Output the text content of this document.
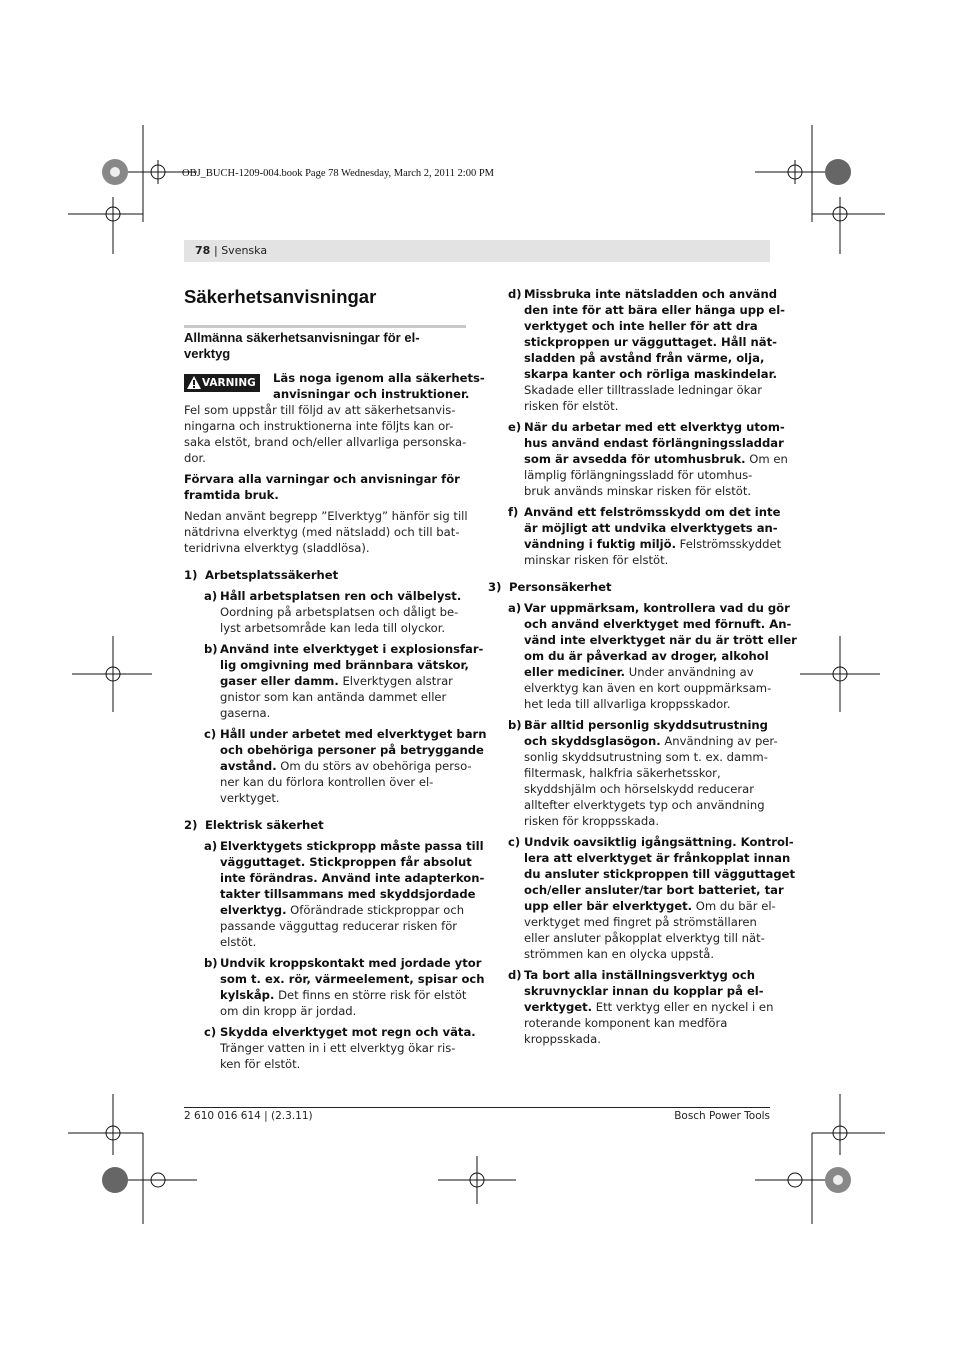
OBJ_BUCH-1209-004.book Page 78 Wednesday, March 2, 2011 2:00 PM
78 | Svenska
Säkerhetsanvisningar
Allmänna säkerhetsanvisningar för el-
verktyg
VARNING Läs noga igenom alla säkerhets-

anvisningar och instruktioner.

Fel som uppstår till följd av att säkerhetsanvis-

ningarna och instruktionerna inte följts kan or-

saka elstöt, brand och/eller allvarliga personska-

dor.

Förvara alla varningar och anvisningar för

framtida bruk.

Nedan använt begrepp ”Elverktyg” hänför sig till

nätdrivna elverktyg (med nätsladd) och till bat-

teridrivna elverktyg (sladdlösa).

1) Arbetsplatssäkerhet
2) Elektrisk säkerhet
3) Personsäkerhet
a) Håll arbetsplatsen ren och välbelyst.

Oordning på arbetsplatsen och dåligt be-

lyst arbetsområde kan leda till olyckor.

b) Använd inte elverktyget i explosionsfar-

lig omgivning med brännbara vätskor,

gaser eller damm. Elverktygen alstrar

gnistor som kan antända dammet eller

gaserna.

c) Håll under arbetet med elverktyget barn

och obehöriga personer på betryggande

avstånd. Om du störs av obehöriga perso-

ner kan du förlora kontrollen över el-

verktyget.

a) Elverktygets stickpropp måste passa till

vägguttaget. Stickproppen får absolut

inte förändras. Använd inte adapterkon-

takter tillsammans med skyddsjordade

elverktyg. Oförändrade stickproppar och

passande vägguttag reducerar risken för

elstöt.

b) Undvik kroppskontakt med jordade ytor

som t. ex. rör, värmeelement, spisar och

kylskåp. Det finns en större risk för elstöt

om din kropp är jordad.

c) Skydda elverktyget mot regn och väta.

Tränger vatten in i ett elverktyg ökar ris-

ken för elstöt.

d) Missbruka inte nätsladden och använd

den inte för att bära eller hänga upp el-

verktyget och inte heller för att dra

stickproppen ur vägguttaget. Håll nät-

sladden på avstånd från värme, olja,

skarpa kanter och rörliga maskindelar.

Skadade eller tilltrasslade ledningar ökar

risken för elstöt.

e) När du arbetar med ett elverktyg utom-

hus använd endast förlängningssladdar

som är avsedda för utomhusbruk. Om en

lämplig förlängningssladd för utomhus-

bruk används minskar risken för elstöt.

f) Använd ett felströmsskydd om det inte

är möjligt att undvika elverktygets an-

vändning i fuktig miljö. Felströmsskyddet

minskar risken för elstöt.

a) Var uppmärksam, kontrollera vad du gör

och använd elverktyget med förnuft. An-

vänd inte elverktyget när du är trött eller

om du är påverkad av droger, alkohol

eller mediciner. Under användning av

elverktyg kan även en kort ouppmärksam-

het leda till allvarliga kroppsskador.

b) Bär alltid personlig skyddsutrustning

och skyddsglasögon. Användning av per-

sonlig skyddsutrustning som t. ex. damm-

filtermask, halkfria säkerhetsskor,

skyddshjälm och hörselskydd reducerar

alltefter elverktygets typ och användning

risken för kroppsskada.

c) Undvik oavsiktlig igångsättning. Kontrol-

lera att elverktyget är frånkopplat innan

du ansluter stickproppen till vägguttaget

och/eller ansluter/tar bort batteriet, tar

upp eller bär elverktyget. Om du bär el-

verktyget med fingret på strömställaren

eller ansluter påkopplat elverktyg till nät-

strömmen kan en olycka uppstå.

d) Ta bort alla inställningsverktyg och

skruvnycklar innan du kopplar på el-

verktyget. Ett verktyg eller en nyckel i en

roterande komponent kan medföra

kroppsskada.

2 610 016 614 | (2.3.11)	Bosch Power Tools
